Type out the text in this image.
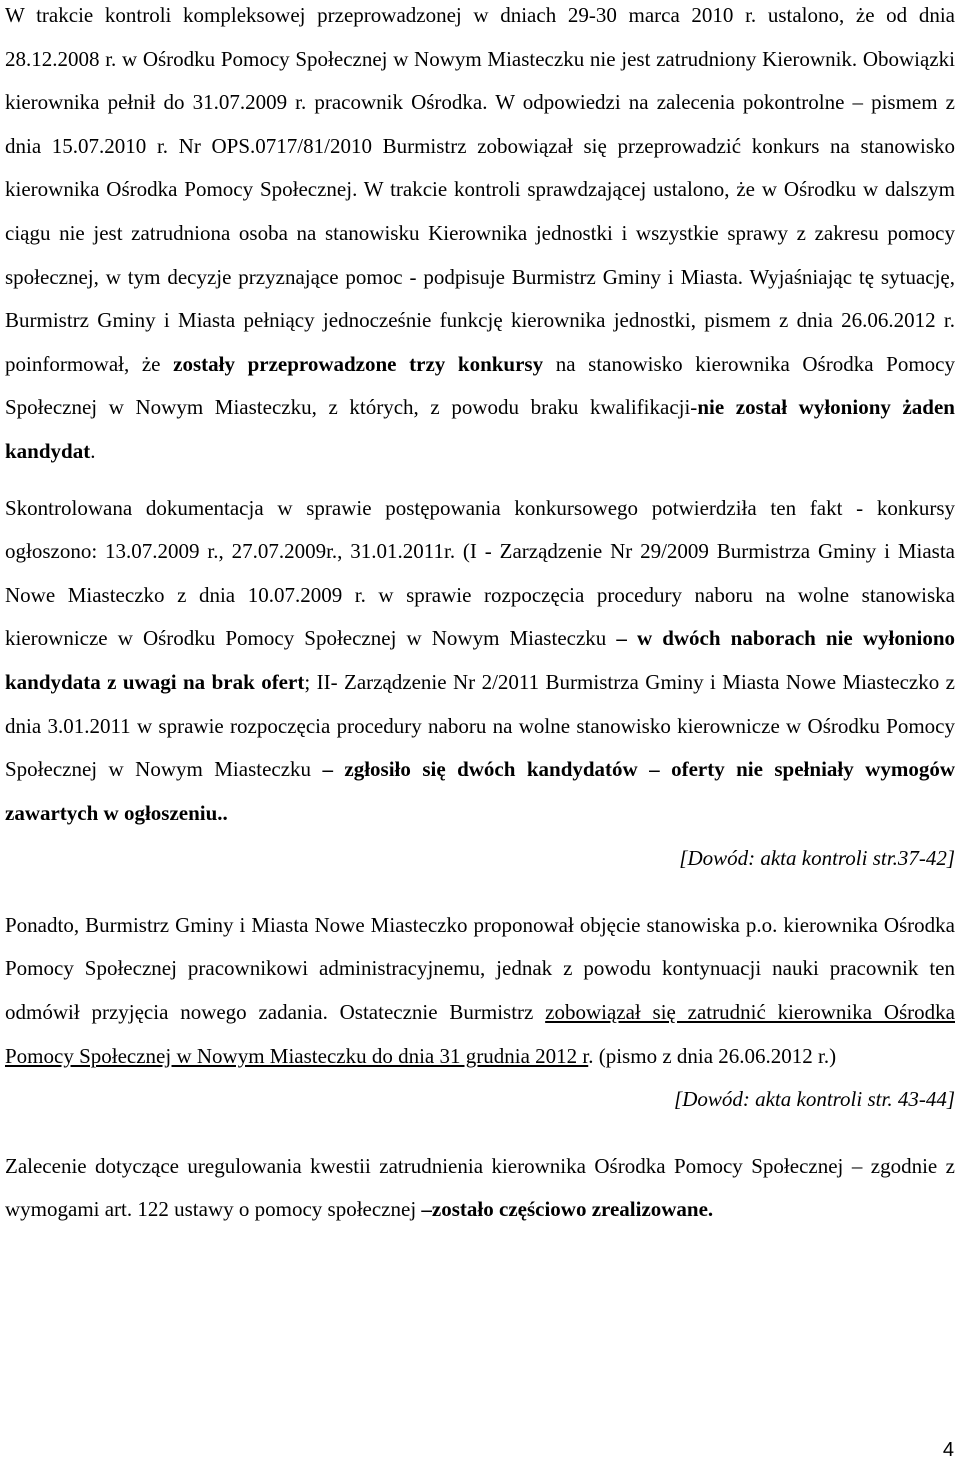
W trakcie kontroli kompleksowej przeprowadzonej w dniach 29-30 marca 2010 r. ustalono, że od dnia 28.12.2008 r. w Ośrodku Pomocy Społecznej w Nowym Miasteczku nie jest zatrudniony Kierownik. Obowiązki kierownika pełnił do 31.07.2009 r. pracownik Ośrodka. W odpowiedzi na zalecenia pokontrolne – pismem z dnia 15.07.2010 r. Nr OPS.0717/81/2010 Burmistrz zobowiązał się przeprowadzić konkurs na stanowisko kierownika Ośrodka Pomocy Społecznej. W trakcie kontroli sprawdzającej ustalono, że w Ośrodku w dalszym ciągu nie jest zatrudniona osoba na stanowisku Kierownika jednostki i wszystkie sprawy z zakresu pomocy społecznej, w tym decyzje przyznające pomoc - podpisuje Burmistrz Gminy i Miasta. Wyjaśniając tę sytuację, Burmistrz Gminy i Miasta pełniący jednocześnie funkcję kierownika jednostki, pismem z dnia 26.06.2012 r. poinformował, że zostały przeprowadzone trzy konkursy na stanowisko kierownika Ośrodka Pomocy Społecznej w Nowym Miasteczku, z których, z powodu braku kwalifikacji-nie został wyłoniony żaden kandydat.

Skontrolowana dokumentacja w sprawie postępowania konkursowego potwierdziła ten fakt - konkursy ogłoszono: 13.07.2009 r., 27.07.2009r., 31.01.2011r. (I - Zarządzenie Nr 29/2009 Burmistrza Gminy i Miasta Nowe Miasteczko z dnia 10.07.2009 r. w sprawie rozpoczęcia procedury naboru na wolne stanowiska kierownicze w Ośrodku Pomocy Społecznej w Nowym Miasteczku – w dwóch naborach nie wyłoniono kandydata z uwagi na brak ofert; II- Zarządzenie Nr 2/2011 Burmistrza Gminy i Miasta Nowe Miasteczko z dnia 3.01.2011 w sprawie rozpoczęcia procedury naboru na wolne stanowisko kierownicze w Ośrodku Pomocy Społecznej w Nowym Miasteczku – zgłosiło się dwóch kandydatów – oferty nie spełniały wymogów zawartych w ogłoszeniu..

[Dowód: akta kontroli str.37-42]

Ponadto, Burmistrz Gminy i Miasta Nowe Miasteczko proponował objęcie stanowiska p.o. kierownika Ośrodka Pomocy Społecznej pracownikowi administracyjnemu, jednak z powodu kontynuacji nauki pracownik ten odmówił przyjęcia nowego zadania. Ostatecznie Burmistrz zobowiązał się zatrudnić kierownika Ośrodka Pomocy Społecznej w Nowym Miasteczku do dnia 31 grudnia 2012 r. (pismo z dnia 26.06.2012 r.)

[Dowód: akta kontroli str. 43-44]

Zalecenie dotyczące uregulowania kwestii zatrudnienia kierownika Ośrodka Pomocy Społecznej – zgodnie z wymogami art. 122 ustawy o pomocy społecznej –zostało częściowo zrealizowane.

4
